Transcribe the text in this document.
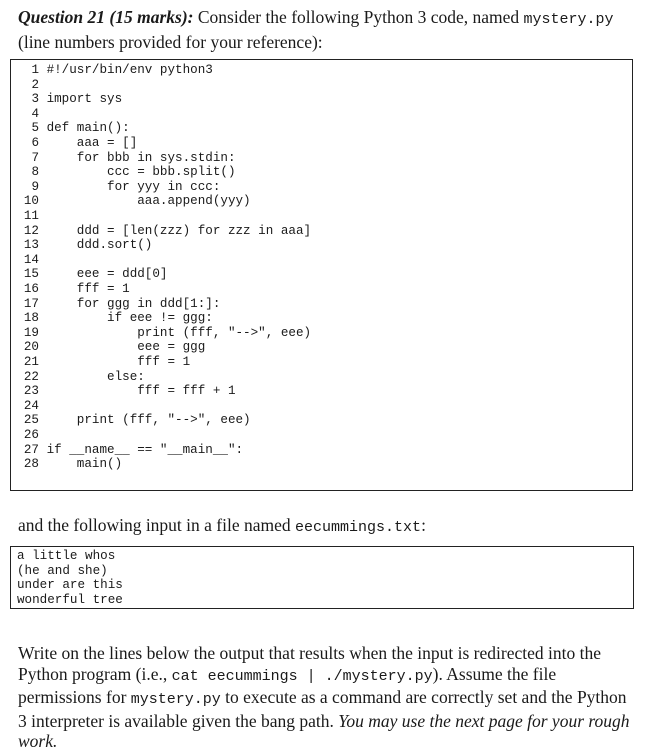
Question 21 (15 marks): Consider the following Python 3 code, named mystery.py (line numbers provided for your reference):
1 #!/usr/bin/env python3
2
3 import sys
4
5 def main():
6     aaa = []
7     for bbb in sys.stdin:
8         ccc = bbb.split()
9         for yyy in ccc:
10             aaa.append(yyy)
11
12     ddd = [len(zzz) for zzz in aaa]
13     ddd.sort()
14
15     eee = ddd[0]
16     fff = 1
17     for ggg in ddd[1:]:
18         if eee != ggg:
19             print (fff, "-->", eee)
20             eee = ggg
21             fff = 1
22         else:
23             fff = fff + 1
24
25     print (fff, "-->", eee)
26
27 if __name__ == "__main__":
28     main()
and the following input in a file named eecummings.txt:
a little whos
(he and she)
under are this
wonderful tree
Write on the lines below the output that results when the input is redirected into the Python program (i.e., cat eecummings | ./mystery.py). Assume the file permissions for mystery.py to execute as a command are correctly set and the Python 3 interpreter is available given the bang path. You may use the next page for your rough work.
